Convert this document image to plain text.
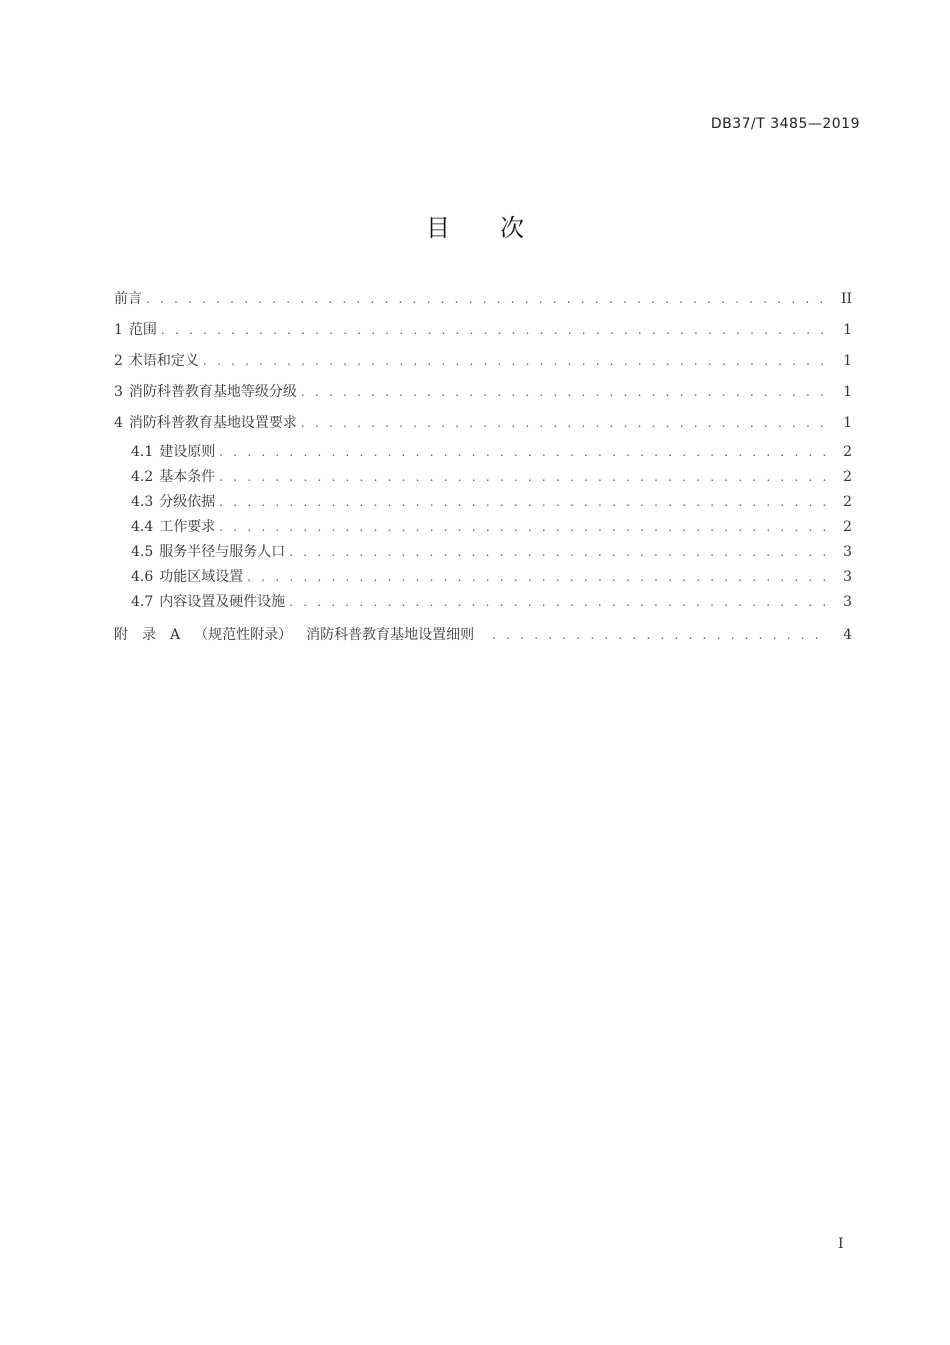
DB37/T 3485—2019
目次
前言 . . .	II
1 范围 . . .	1
2 术语和定义 . . .	1
3 消防科普教育基地等级分级 . . .	1
4 消防科普教育基地设置要求 . . .	1
4.1 建设原则 . . .	2
4.2 基本条件 . . .	2
4.3 分级依据 . . .	2
4.4 工作要求 . . .	2
4.5 服务半径与服务人口 . . .	3
4.6 功能区域设置 . . .	3
4.7 内容设置及硬件设施 . . .	3
附 录 A （规范性附录） 消防科普教育基地设置细则 . . .	4
I
